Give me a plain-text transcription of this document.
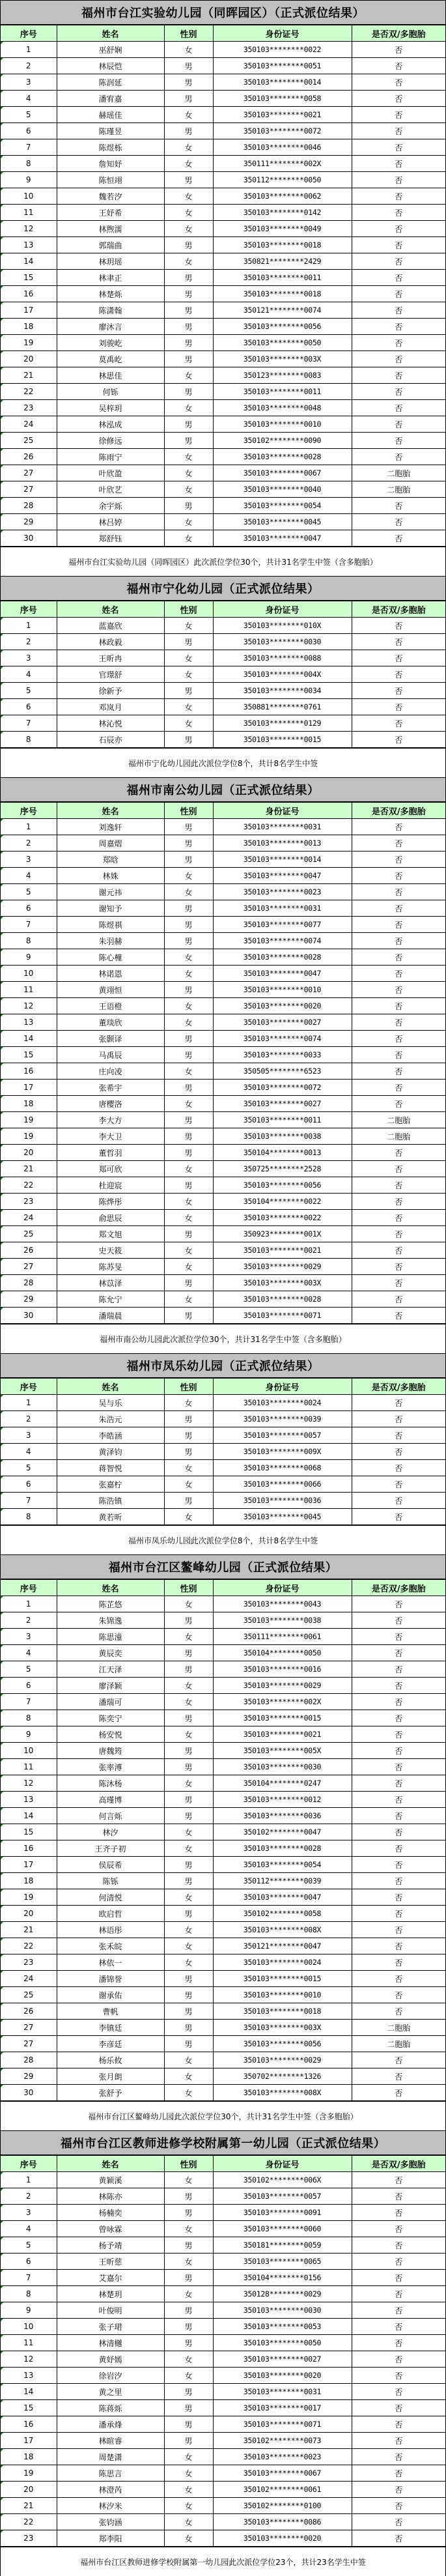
福州市台江实验幼儿园（同晖园区）（正式派位结果）
序号	姓名	性别	身份证号	是否双/多胞胎
1	巫舒娴	女	350103********0022	否
2	林辰恺	男	350103********0051	否
3	陈润延	男	350103********0014	否
4	潘宥嘉	男	350103********0058	否
5	赫瑶佳	女	350103********0021	否
6	陈瑾昱	男	350103********0072	否
7	陈煜栎	女	350103********0046	否
8	詹知妤	女	350111********002X	否
9	陈恒翊	男	350112********0050	否
10	魏若汐	女	350103********0062	否
11	王妤希	女	350103********0142	否
12	林煦濡	女	350103********0049	否
13	郭瑞曲	男	350103********0018	否
14	林玥瑶	女	350821********2429	否
15	林聿正	男	350103********0011	否
16	林楚烁	男	350103********0018	否
17	陈潇翰	男	350121********0074	否
18	廖沐言	男	350103********0056	否
19	刘骏屹	男	350103********0050	否
20	莫禹屹	男	350103********003X	否
21	林思佳	女	350123********0083	否
22	何铄	男	350103********0011	否
23	吴梓玥	女	350103********0048	否
24	林泓成	男	350103********0010	否
25	徐修远	男	350102********0090	否
26	陈雨宁	女	350103********0028	否
27	叶欣盈	女	350103********0067	二胞胎
27	叶欣艺	女	350103********0040	二胞胎
28	余宇烁	男	350103********0054	否
29	林吕婷	女	350103********0045	否
30	郑舒钰	女	350103********0047	否
福州市台江实验幼儿园（同晖园区）此次派位学位30个，共计31名学生中签（含多胞胎）
福州市宁化幼儿园（正式派位结果）
序号	姓名	性别	身份证号	是否双/多胞胎
1	蓝嘉欣	女	350103********010X	否
2	林政毅	男	350103********0030	否
3	王昕冉	女	350103********0088	否
4	官璟舒	女	350103********004X	否
5	徐新予	男	350103********0034	否
6	邓岚月	女	350881********0761	否
7	林沁悦	女	350103********0129	否
8	石辰亦	男	350103********0015	否
福州市宁化幼儿园此次派位学位8个，共计8名学生中签
福州市南公幼儿园（正式派位结果）
序号	姓名	性别	身份证号	是否双/多胞胎
1	刘逸轩	男	350103********0031	否
2	周嘉熠	男	350103********0013	否
3	郑晗	男	350103********0014	否
4	林姝	女	350103********0047	否
5	谢元祎	女	350103********0023	否
6	谢知予	男	350103********0031	否
7	陈煜祺	男	350103********0077	否
8	朱羽赫	男	350103********0074	否
9	陈心橦	女	350103********0028	否
10	林诺恩	女	350103********0047	否
11	黄翊恒	男	350103********0010	否
12	王语橙	女	350103********0020	否
13	董琰欣	女	350103********0027	否
14	张颢译	男	350103********0074	否
15	马禹辰	男	350103********0033	否
16	庄向凌	女	350505********6523	否
17	张希宇	男	350103********0072	否
18	唐樱洛	女	350103********0027	否
19	李大方	男	350103********0011	二胞胎
19	李大卫	男	350103********0038	二胞胎
20	董哲羽	男	350104********0013	否
21	郑可欣	女	350725********2528	否
22	杜迎宸	男	350103********0056	否
23	陈烨彤	女	350104********0022	否
24	俞思辰	女	350103********0022	否
25	郑文旭	男	350923********001X	否
26	史天筱	女	350103********0021	否
27	陈苏旻	女	350103********0029	否
28	林苡泽	男	350103********003X	否
29	陈允宁	女	350103********0028	否
30	潘瑞晨	男	350103********0071	否
福州市南公幼儿园此次派位学位30个，共计31名学生中签（含多胞胎）
福州市凤乐幼儿园（正式派位结果）
序号	姓名	性别	身份证号	是否双/多胞胎
1	吴与乐	女	350103********0024	否
2	朱浩元	男	350103********0039	否
3	李皓涵	男	350103********0057	否
4	黄泽钧	男	350103********009X	否
5	蒋智悦	女	350103********0068	否
6	张嘉柠	女	350103********0066	否
7	陈浩镇	男	350103********0036	否
8	黄若昕	女	350103********0045	否
福州市凤乐幼儿园此次派位学位8个，共计8名学生中签
福州市台江区鳌峰幼儿园（正式派位结果）
序号	姓名	性别	身份证号	是否双/多胞胎
1	陈芷悠	女	350103********0043	否
2	朱锦逸	男	350103********0038	否
3	陈思潼	女	350111********0061	否
4	黄辰奕	男	350104********0050	否
5	江天泽	男	350103********0016	否
6	廖泽颖	女	350103********0029	否
7	潘瑞可	女	350103********002X	否
8	陈奕宁	男	350103********0015	否
9	杨安悦	女	350103********0021	否
10	唐魏筠	男	350103********005X	否
11	张率溥	男	350103********0030	否
12	陈沐杨	女	350104********0247	否
13	高瑾博	男	350103********0012	否
14	何言烁	男	350103********0036	否
15	林汐	女	350102********0047	否
16	王齐子初	女	350103********0028	否
17	侯辰希	男	350103********0054	否
18	陈铄	男	350112********0039	否
19	何清悦	女	350103********0047	否
20	欧启哲	男	350102********0058	否
21	林语彤	女	350103********008X	否
22	张禾皖	女	350121********0047	否
23	林依一	女	350103********0024	否
24	潘锦誉	男	350103********0015	否
25	谢承佑	男	350103********0010	否
26	曹帆	男	350103********0018	否
27	李镇廷	男	350103********003X	二胞胎
27	李彦廷	男	350103********0056	二胞胎
28	杨乐攸	女	350103********0029	否
29	张月朗	女	350702********1326	否
30	张舒予	女	350103********008X	否
福州市台江区鳌峰幼儿园此次派位学位30个，共计31名学生中签（含多胞胎）
福州市台江区教师进修学校附属第一幼儿园（正式派位结果）
序号	姓名	性别	身份证号	是否双/多胞胎
1	黄颖溪	女	350102********006X	否
2	林陈亦	男	350103********0057	否
3	杨楠奕	男	350103********0091	否
4	曾咏霖	女	350103********0060	否
5	杨予靖	男	350181********0059	否
6	王昕慈	女	350103********0065	否
7	艾嘉尔	男	350104********0156	否
8	林楚玥	女	350128********0029	否
9	叶俊明	男	350103********0030	否
10	张子珺	男	350103********0053	否
11	林清樾	男	350103********0050	否
12	黄妤嫣	女	350103********0027	否
13	徐岩汐	女	350103********0020	否
14	黄之里	男	350103********0031	否
15	陈蒋烁	男	350103********0017	否
16	潘承烽	男	350103********0071	否
17	林暄睿	男	350102********0073	否
18	周楚潇	女	350103********0023	否
19	陈思言	女	350103********0067	否
20	林澄芮	女	350102********0061	否
21	林汐米	女	350102********0100	否
22	张钧涵	女	350103********0086	否
23	郑李阳	女	350103********0020	否
福州市台江区教师进修学校附属第一幼儿园此次派位学位23个，共计23名学生中签
